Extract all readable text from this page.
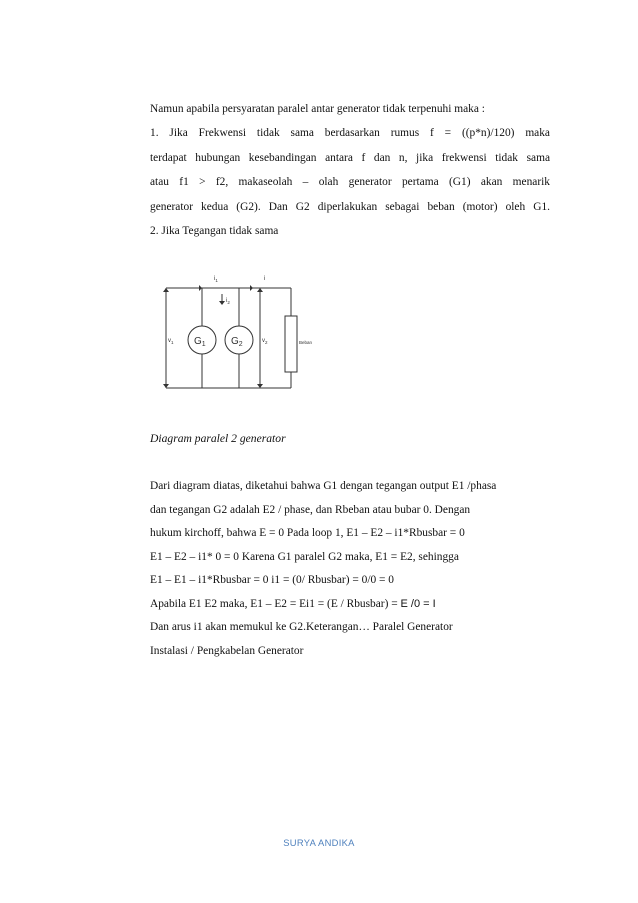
Namun apabila persyaratan paralel antar generator tidak terpenuhi maka :
1. Jika Frekwensi tidak sama berdasarkan rumus f = ((p*n)/120) maka
terdapat hubungan kesebandingan antara f dan n, jika frekwensi tidak sama
atau f1 > f2, makaseolah – olah generator pertama (G1) akan menarik
generator kedua (G2). Dan G2 diperlakukan sebagai beban (motor) oleh G1.
2. Jika Tegangan tidak sama
$i_1$	i
$i_2$
$v_1$	$v_2$
$G_1$	$G_2$	Beban
Diagram paralel 2 generator
Dari diagram diatas, diketahui bahwa G1 dengan tegangan output E1 /phasa
dan tegangan G2 adalah E2 / phase, dan Rbeban atau bubar 0. Dengan
hukum kirchoff, bahwa E = 0 Pada loop 1, E1 – E2 – i1*Rbusbar = 0
E1 – E2 – i1* 0 = 0 Karena G1 paralel G2 maka, E1 = E2, sehingga
E1 – E1 – i1*Rbusbar = 0 i1 = (0/ Rbusbar) = 0/0 = 0
Apabila E1 E2 maka, E1 – E2 = Ei1 = (E / Rbusbar) = E /0 = I
Dan arus i1 akan memukul ke G2.Keterangan… Paralel Generator
Instalasi / Pengkabelan Generator
SURYA ANDIKA
